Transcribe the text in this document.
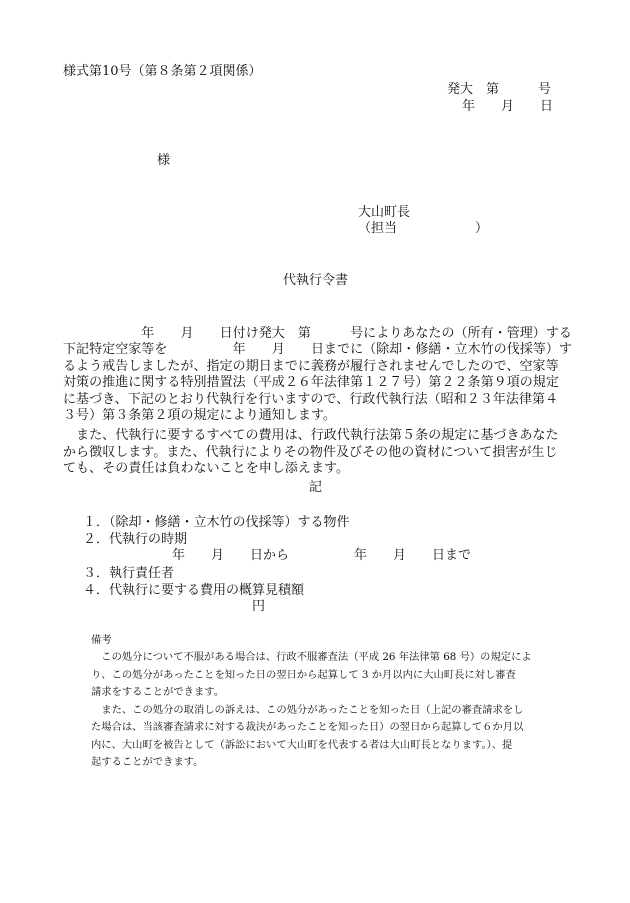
様式第10号（第８条第２項関係）
発大　第　　　号
年　　月　　日
様
大山町長
（担当　　　　　　）
代執行令書
　　　　　　年　　月　　日付け発大　第　　　号によりあなたの（所有・管理）する
下記特定空家等を　　　　　年　　月　　日までに（除却・修繕・立木竹の伐採等）す
るよう戒告しましたが、指定の期日までに義務が履行されませんでしたので、空家等
対策の推進に関する特別措置法（平成２６年法律第１２７号）第２２条第９項の規定
に基づき、下記のとおり代執行を行いますので、行政代執行法（昭和２３年法律第４
３号）第３条第２項の規定により通知します。
　また、代執行に要するすべての費用は、行政代執行法第５条の規定に基づきあなた
から徴収します。また、代執行によりその物件及びその他の資材について損害が生じ
ても、その責任は負わないことを申し添えます。
記
１．（除却・修繕・立木竹の伐採等）する物件
２．代執行の時期
年　　月　　日から　　　　　年　　月　　日まで
３．執行責任者
４．代執行に要する費用の概算見積額
円
備考
　この処分について不服がある場合は、行政不服審査法（平成 26 年法律第 68 号）の規定によ
り、この処分があったことを知った日の翌日から起算して 3 か月以内に大山町長に対し審査
請求をすることができます。
　また、この処分の取消しの訴えは、この処分があったことを知った日（上記の審査請求をし
た場合は、当該審査請求に対する裁決があったことを知った日）の翌日から起算して６か月以
内に、大山町を被告として（訴訟において大山町を代表する者は大山町長となります。）、提
起することができます。
